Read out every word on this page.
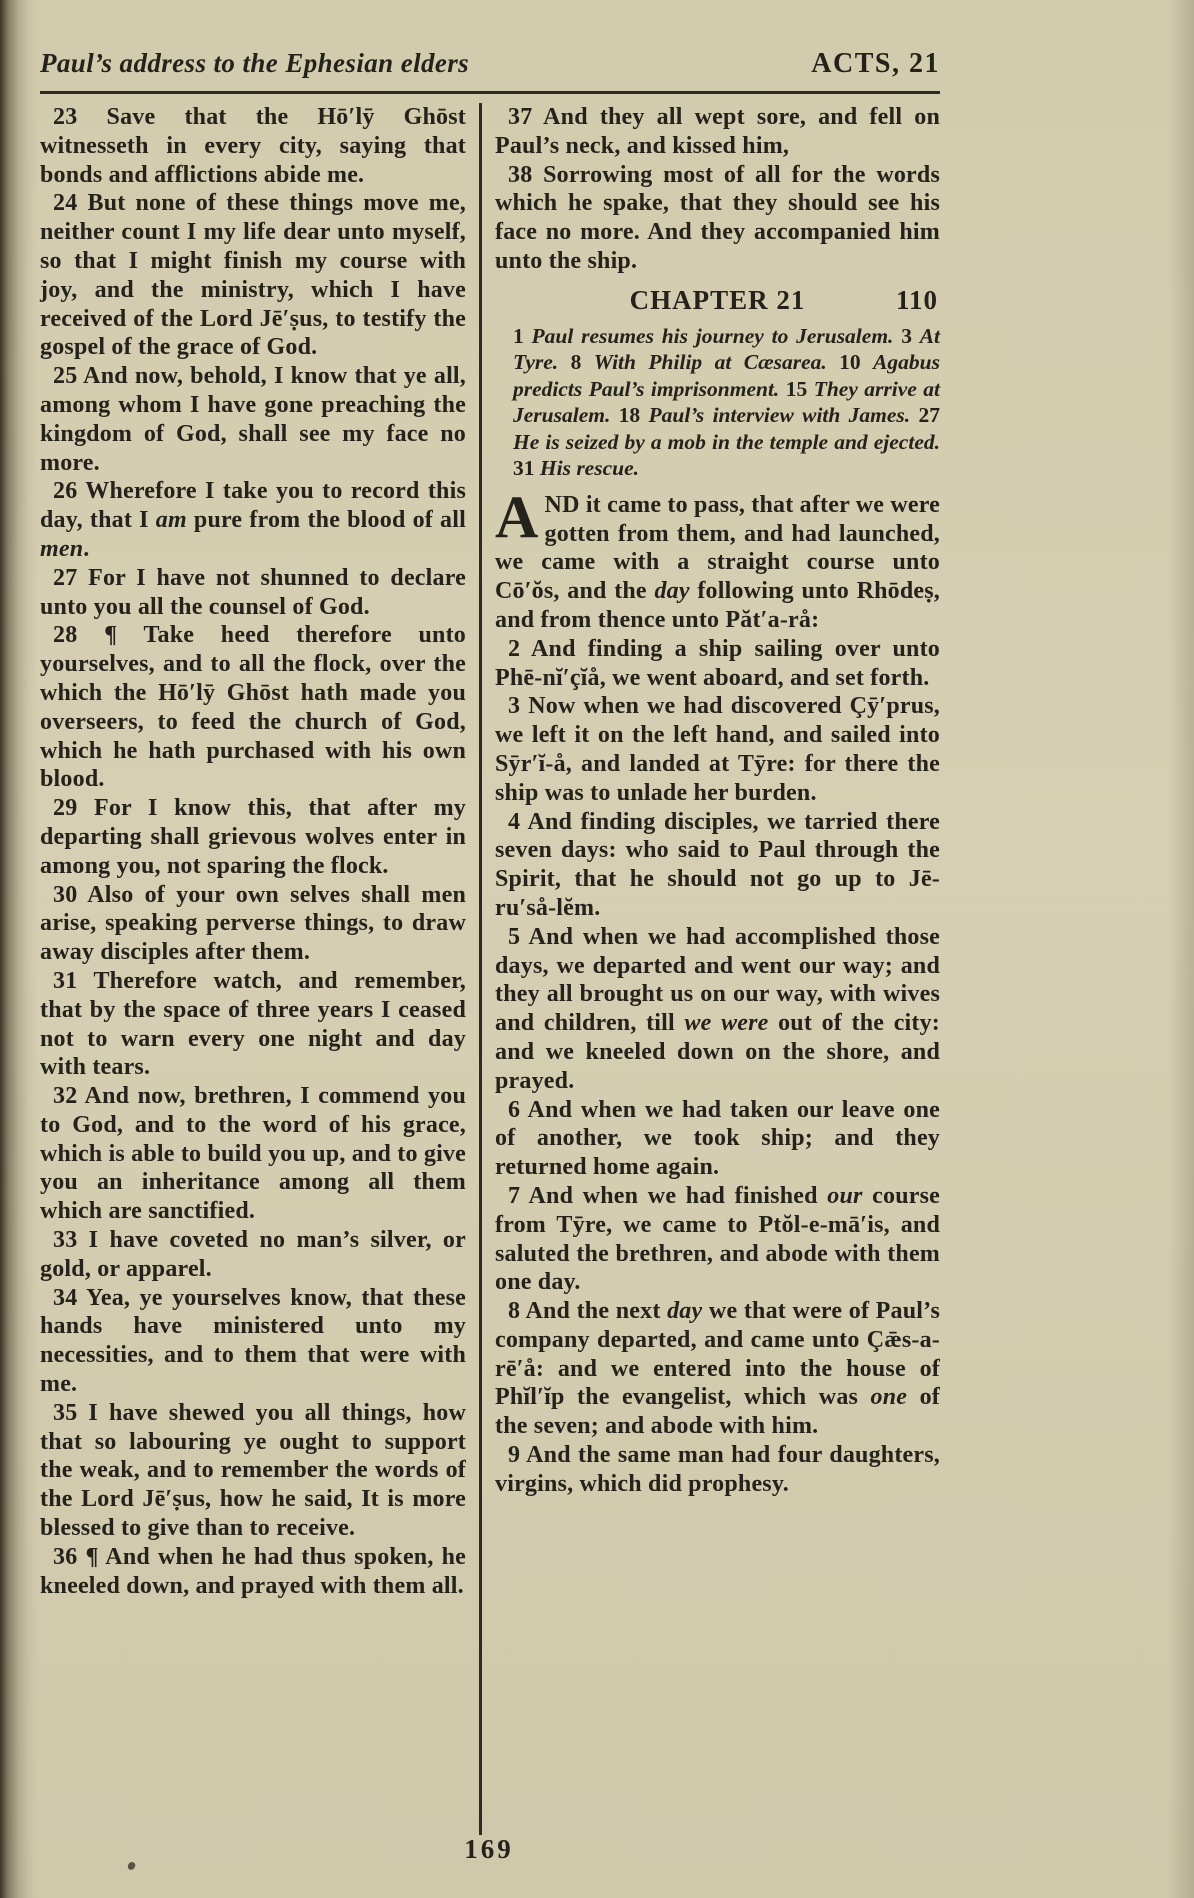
Paul’s address to the Ephesian elders	ACTS, 21

23 Save that the Hō′lȳ Ghōst witnesseth in every city, saying that bonds and afflictions abide me.

24 But none of these things move me, neither count I my life dear unto myself, so that I might finish my course with joy, and the ministry, which I have received of the Lord Jē′ṣus, to testify the gospel of the grace of God.

25 And now, behold, I know that ye all, among whom I have gone preaching the kingdom of God, shall see my face no more.

26 Wherefore I take you to record this day, that I am pure from the blood of all men.

27 For I have not shunned to declare unto you all the counsel of God.

28 ¶ Take heed therefore unto yourselves, and to all the flock, over the which the Hō′lȳ Ghōst hath made you overseers, to feed the church of God, which he hath purchased with his own blood.

29 For I know this, that after my departing shall grievous wolves enter in among you, not sparing the flock.

30 Also of your own selves shall men arise, speaking perverse things, to draw away disciples after them.

31 Therefore watch, and remember, that by the space of three years I ceased not to warn every one night and day with tears.

32 And now, brethren, I commend you to God, and to the word of his grace, which is able to build you up, and to give you an inheritance among all them which are sanctified.

33 I have coveted no man’s silver, or gold, or apparel.

34 Yea, ye yourselves know, that these hands have ministered unto my necessities, and to them that were with me.

35 I have shewed you all things, how that so labouring ye ought to support the weak, and to remember the words of the Lord Jē′ṣus, how he said, It is more blessed to give than to receive.

36 ¶ And when he had thus spoken, he kneeled down, and prayed with them all.

37 And they all wept sore, and fell on Paul’s neck, and kissed him,

38 Sorrowing most of all for the words which he spake, that they should see his face no more. And they accompanied him unto the ship.

CHAPTER 21	110

1 Paul resumes his journey to Jerusalem. 3 At Tyre. 8 With Philip at Cæsarea. 10 Agabus predicts Paul’s imprisonment. 15 They arrive at Jerusalem. 18 Paul’s interview with James. 27 He is seized by a mob in the temple and ejected. 31 His rescue.

AND it came to pass, that after we were gotten from them, and had launched, we came with a straight course unto Cō′ŏs, and the day following unto Rhōdeṣ, and from thence unto Păt′a-rå:

2 And finding a ship sailing over unto Phē-nĭ′çĭå, we went aboard, and set forth.

3 Now when we had discovered Çȳ′prus, we left it on the left hand, and sailed into Sȳr′ĭ-å, and landed at Tȳre: for there the ship was to unlade her burden.

4 And finding disciples, we tarried there seven days: who said to Paul through the Spirit, that he should not go up to Jē-ru′så-lĕm.

5 And when we had accomplished those days, we departed and went our way; and they all brought us on our way, with wives and children, till we were out of the city: and we kneeled down on the shore, and prayed.

6 And when we had taken our leave one of another, we took ship; and they returned home again.

7 And when we had finished our course from Tȳre, we came to Ptŏl-e-mā′is, and saluted the brethren, and abode with them one day.

8 And the next day we that were of Paul’s company departed, and came unto Çǣs-a-rē′å: and we entered into the house of Phĭl′ĭp the evangelist, which was one of the seven; and abode with him.

9 And the same man had four daughters, virgins, which did prophesy.

169
